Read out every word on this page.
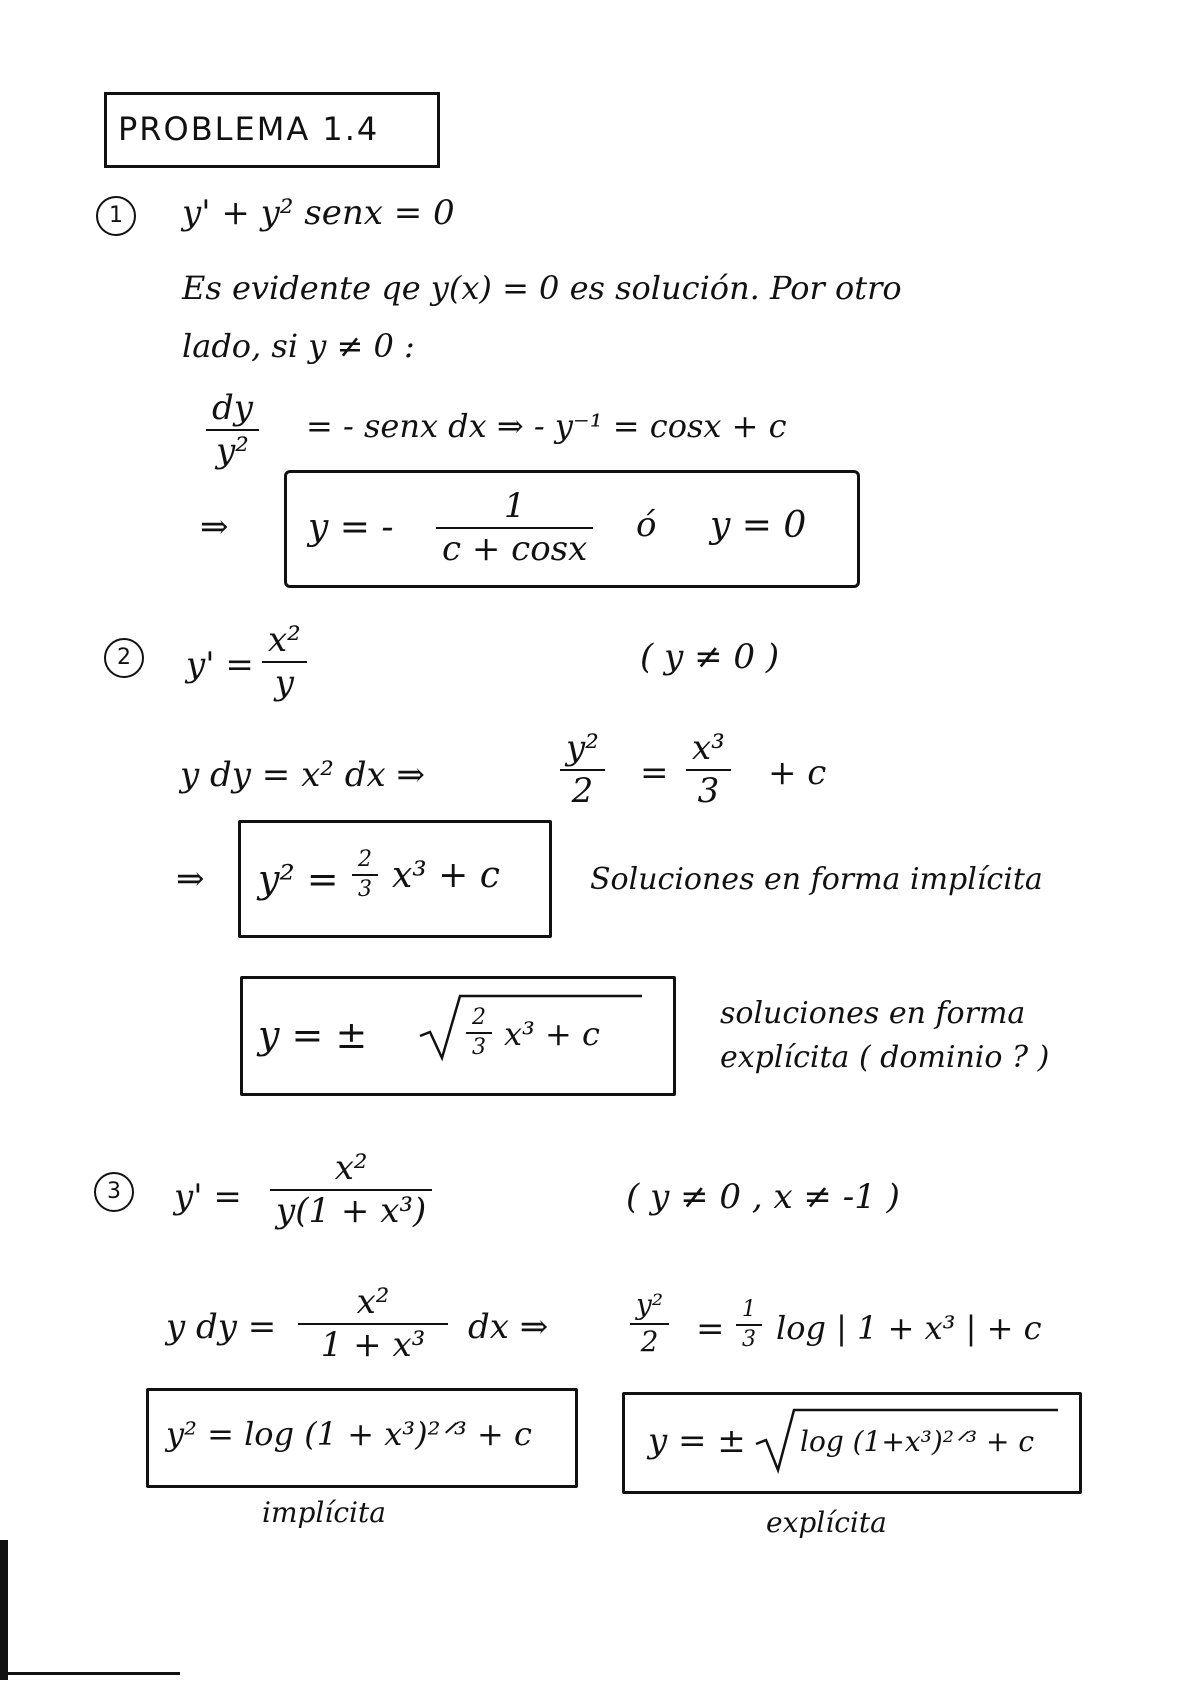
PROBLEMA 1.4
1	y' + y² senx = 0
Es evidente qe y(x) = 0 es solución. Por otro
lado, si y ≠ 0 :
dy
y²
= - senx dx ⇒ - y⁻¹ = cosx + c
⇒ y = -
1
c + cosx
ó y = 0
2	y' =
x²
y
( y ≠ 0 )
y dy = x² dx ⇒
y²
2 =
x³
3 + c
⇒ y² = 2
3 x³ + c	Soluciones en forma implícita
y = ±	2
3 x³ + c
soluciones en forma
explícita ( dominio ? )
3	y' =
x²
y(1 + x³)	( y ≠ 0 , x ≠ -1 )
y dy =
x²
1 + x³ dx ⇒
y²
2 = 1
3 log | 1 + x³ | + c
y² = log (1 + x³)²ᐟ³ + c	y = ± log (1+x³)²ᐟ³ + c
implícita	explícita
